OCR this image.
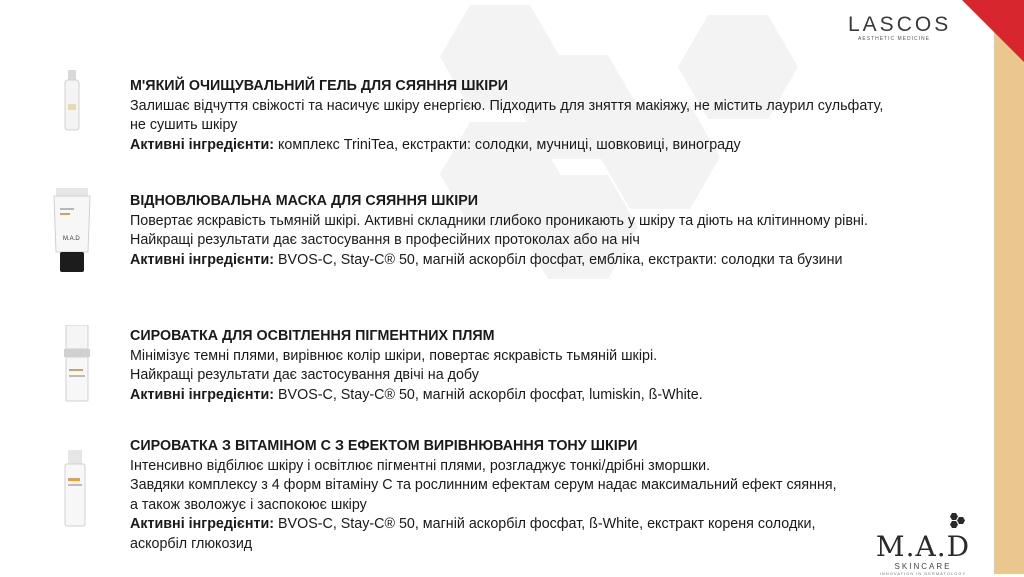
LASCOS
AESTHETIC MEDICINE
M.A.D
М'ЯКИЙ ОЧИЩУВАЛЬНИЙ ГЕЛЬ ДЛЯ СЯЯННЯ ШКІРИ
Залишає відчуття свіжості та насичує шкіру енергією. Підходить для зняття макіяжу, не містить лаурил сульфату,
не сушить шкіру
Активні інгредієнти: комплекс TriniTea, екстракти: солодки, мучниці, шовковиці, винограду
ВІДНОВЛЮВАЛЬНА МАСКА ДЛЯ СЯЯННЯ ШКІРИ
Повертає яскравість тьмяній шкірі. Активні складники глибоко проникають у шкіру та діють на клітинному рівні.
Найкращі результати дає застосування в професійних протоколах або на ніч
Активні інгредієнти: BVOS-C, Stay-C® 50, магній аскорбіл фосфат, емблiка, екстракти: солодки та бузини
СИРОВАТКА ДЛЯ ОСВІТЛЕННЯ ПІГМЕНТНИХ ПЛЯМ
Мінімізує темні плями, вирівнює колір шкіри, повертає яскравість тьмяній шкірі.
Найкращі результати дає застосування двічі на добу
Активні інгредієнти: BVOS-C, Stay-C® 50, магній аскорбіл фосфат, lumiskin, ß-White.
СИРОВАТКА З ВІТАМІНОМ С З ЕФЕКТОМ ВИРІВНЮВАННЯ ТОНУ ШКІРИ
Інтенсивно відбілює шкіру і освітлює пігментні плями, розгладжує тонкі/дрібні зморшки.
Завдяки комплексу з 4 форм вітаміну С та рослинним ефектам серум надає максимальний ефект сяяння,
а також зволожує і заспокоює шкіру
Активні інгредієнти: BVOS-C, Stay-C® 50, магній аскорбіл фосфат, ß-White, екстракт кореня солодки,
аскорбіл глюкозид	M.A.D
SKINCARE
INNOVATION IN DERMATOLOGY
